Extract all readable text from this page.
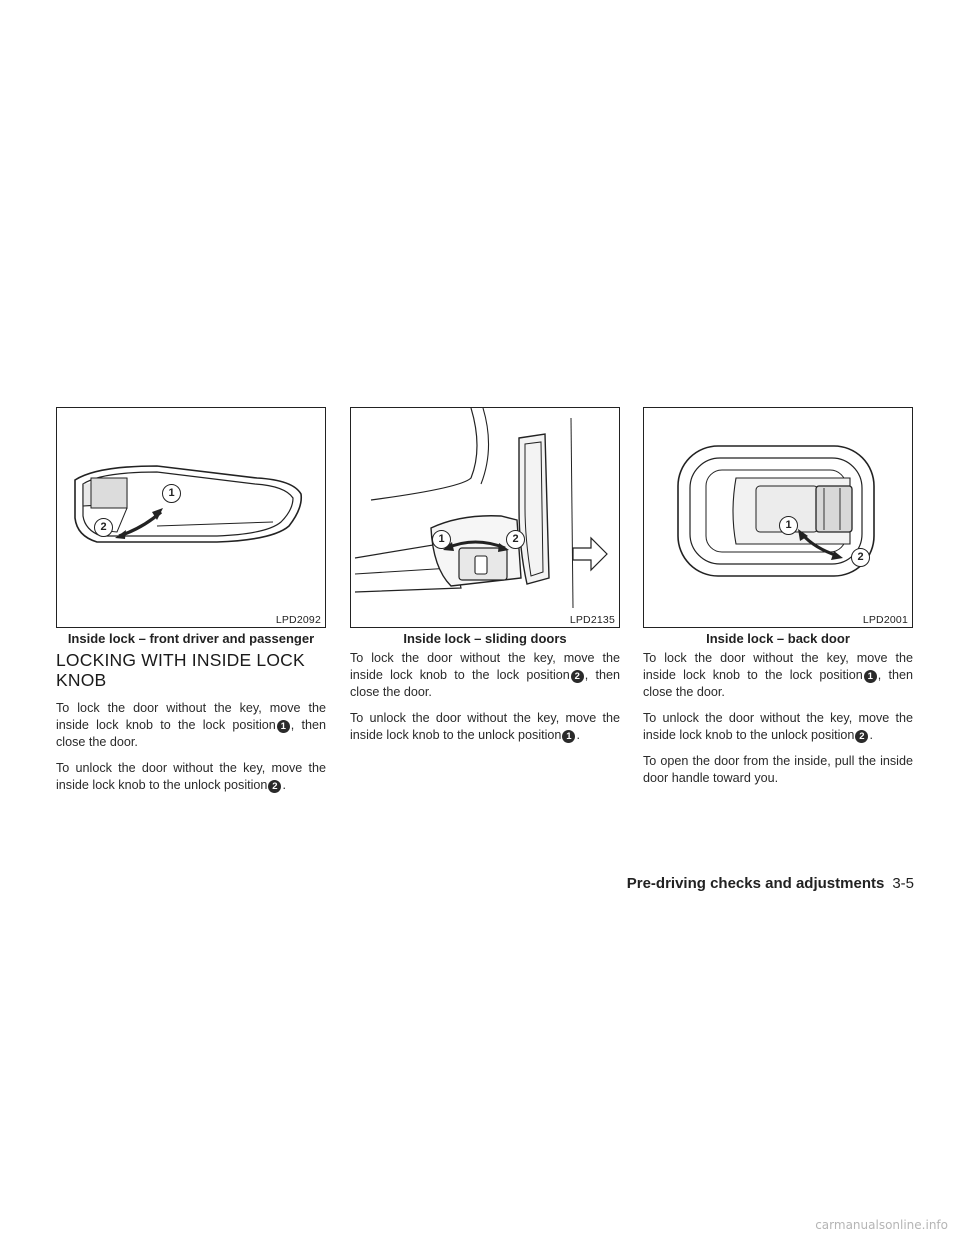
1
2
LPD2092
Inside lock – front driver and passenger
1	2
LPD2135
Inside lock – sliding doors
1
2
LPD2001
Inside lock – back door
LOCKING WITH INSIDE LOCK KNOB

To lock the door without the key, move the inside lock knob to the lock position 1 , then close the door.

To unlock the door without the key, move the inside lock knob to the unlock position 2 .

To lock the door without the key, move the inside lock knob to the lock position 2 , then close the door.

To unlock the door without the key, move the inside lock knob to the unlock position 1 .

To lock the door without the key, move the inside lock knob to the lock position 1 , then close the door.

To unlock the door without the key, move the inside lock knob to the unlock position 2 .

To open the door from the inside, pull the inside door handle toward you.

Pre-driving checks and adjustments 3-5
carmanualsonline.info
